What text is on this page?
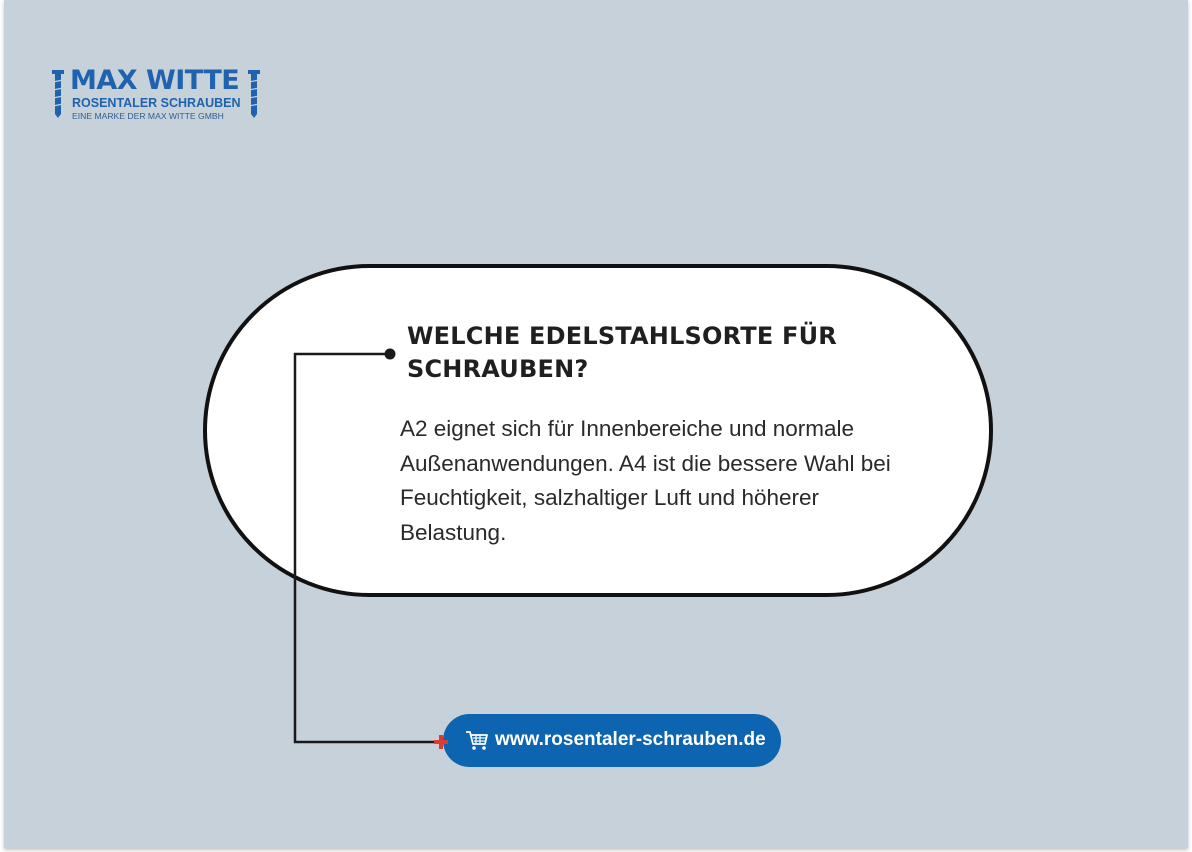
MAX WITTE
ROSENTALER SCHRAUBEN
EINE MARKE DER MAX WITTE GMBH
WELCHE EDELSTAHLSORTE FÜR SCHRAUBEN?
A2 eignet sich für Innenbereiche und normale Außenanwendungen. A4 ist die bessere Wahl bei Feuchtigkeit, salzhaltiger Luft und höherer Belastung.
www.rosentaler-schrauben.de
